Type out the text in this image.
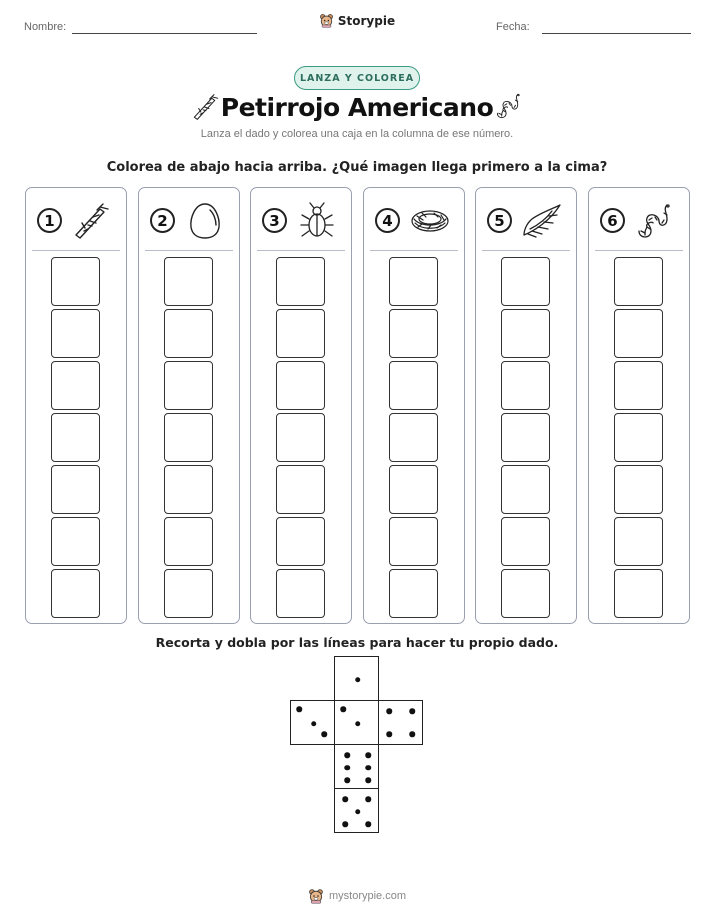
Nombre:	Storypie	Fecha:
LANZA Y COLOREA
Petirrojo Americano
Lanza el dado y colorea una caja en la columna de ese número.
Colorea de abajo hacia arriba. ¿Qué imagen llega primero a la cima?
1	2	3	4	5	6
Recorta y dobla por las líneas para hacer tu propio dado.
mystorypie.com
